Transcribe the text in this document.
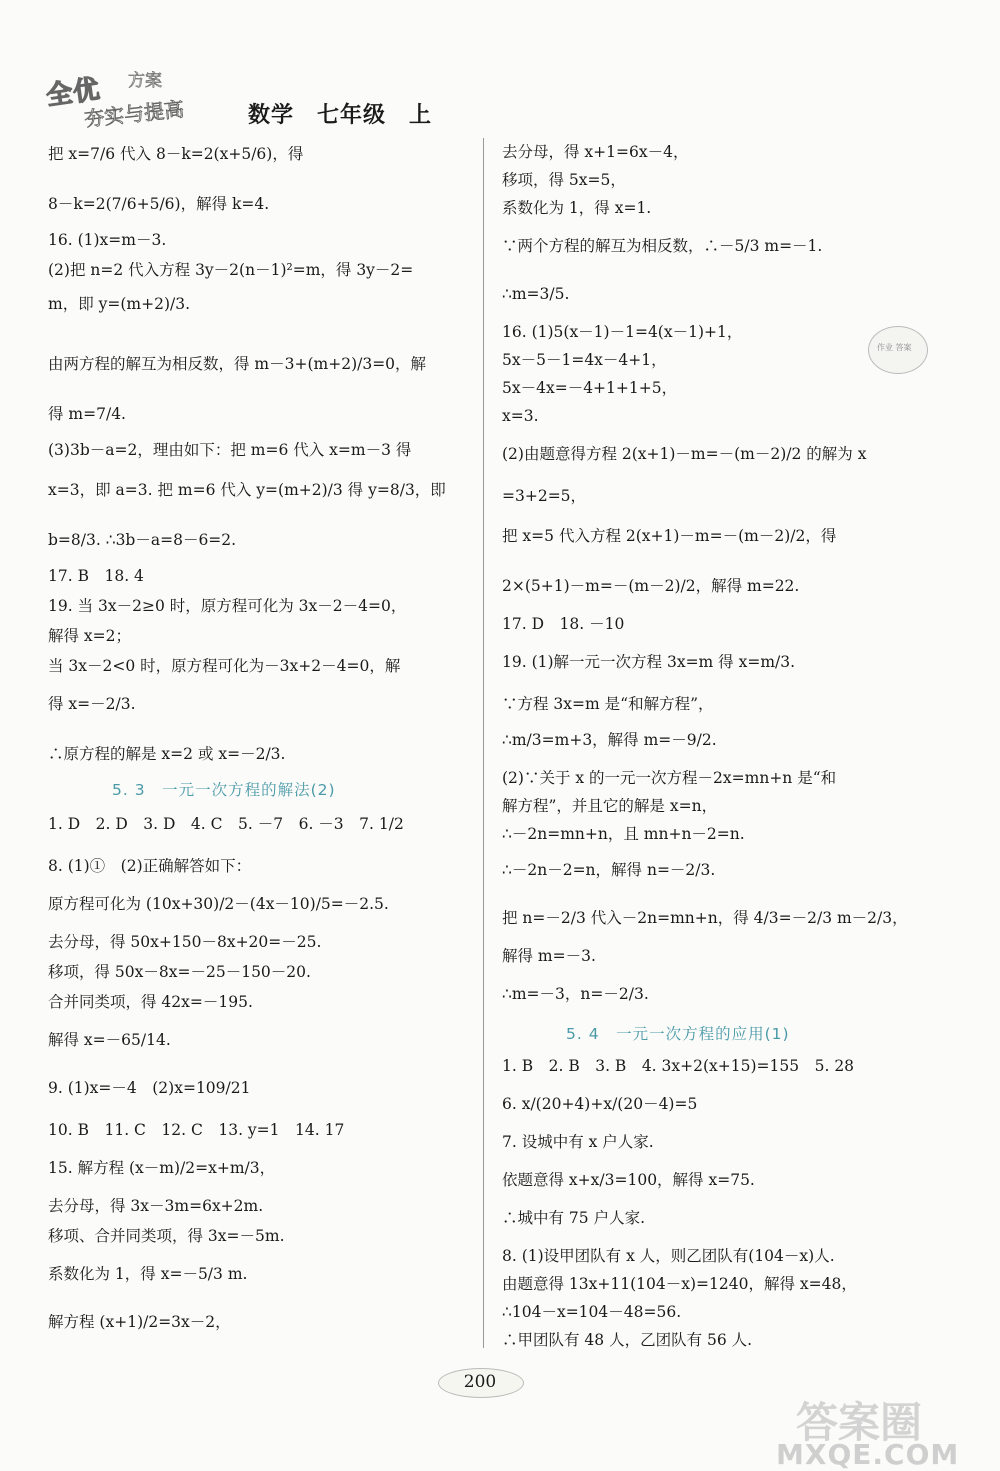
全优 方案
夯实与提高	数学　七年级　上
把 x=7/6 代入 8－k=2(x+5/6)，得
8－k=2(7/6+5/6)，解得 k=4.
16. (1)x=m－3.
(2)把 n=2 代入方程 3y－2(n－1)²=m，得 3y－2=
m，即 y=(m+2)/3.
由两方程的解互为相反数，得 m－3+(m+2)/3=0，解
得 m=7/4.
(3)3b－a=2，理由如下：把 m=6 代入 x=m－3 得
x=3，即 a=3. 把 m=6 代入 y=(m+2)/3 得 y=8/3，即
b=8/3. ∴3b－a=8－6=2.
17. B　18. 4
19. 当 3x－2≥0 时，原方程可化为 3x－2－4=0，
解得 x=2；
当 3x－2<0 时，原方程可化为－3x+2－4=0，解
得 x=－2/3.
∴原方程的解是 x=2 或 x=－2/3.
5. 3　一元一次方程的解法(2)
1. D　2. D　3. D　4. C　5. －7　6. －3　7. 1/2
8. (1)①　(2)正确解答如下：
原方程可化为 (10x+30)/2－(4x－10)/5=－2.5.
去分母，得 50x+150－8x+20=－25.
移项，得 50x－8x=－25－150－20.
合并同类项，得 42x=－195.
解得 x=－65/14.
9. (1)x=－4　(2)x=109/21
10. B　11. C　12. C　13. y=1　14. 17
15. 解方程 (x－m)/2=x+m/3，
去分母，得 3x－3m=6x+2m.
移项、合并同类项，得 3x=－5m.
系数化为 1，得 x=－5/3 m.
解方程 (x+1)/2=3x－2，
去分母，得 x+1=6x－4，
移项，得 5x=5，
系数化为 1，得 x=1.
∵两个方程的解互为相反数，∴－5/3 m=－1.
∴m=3/5.
16. (1)5(x－1)－1=4(x－1)+1，
5x－5－1=4x－4+1，
5x－4x=－4+1+1+5，
x=3.
(2)由题意得方程 2(x+1)－m=－(m－2)/2 的解为 x
=3+2=5，
把 x=5 代入方程 2(x+1)－m=－(m－2)/2，得
2×(5+1)－m=－(m－2)/2，解得 m=22.
17. D　18. －10
19. (1)解一元一次方程 3x=m 得 x=m/3.
∵方程 3x=m 是“和解方程”，
∴m/3=m+3，解得 m=－9/2.
(2)∵关于 x 的一元一次方程－2x=mn+n 是“和
解方程”，并且它的解是 x=n，
∴－2n=mn+n，且 mn+n－2=n.
∴－2n－2=n，解得 n=－2/3.
把 n=－2/3 代入－2n=mn+n，得 4/3=－2/3 m－2/3，
解得 m=－3.
∴m=－3，n=－2/3.
5. 4　一元一次方程的应用(1)
1. B　2. B　3. B　4. 3x+2(x+15)=155　5. 28
6. x/(20+4)+x/(20－4)=5
7. 设城中有 x 户人家.
依题意得 x+x/3=100，解得 x=75.
∴城中有 75 户人家.
8. (1)设甲团队有 x 人，则乙团队有(104－x)人.
由题意得 13x+11(104－x)=1240，解得 x=48，
∴104－x=104－48=56.
∴甲团队有 48 人，乙团队有 56 人.
作业 答案
200
答案圈
MXQE.COM
